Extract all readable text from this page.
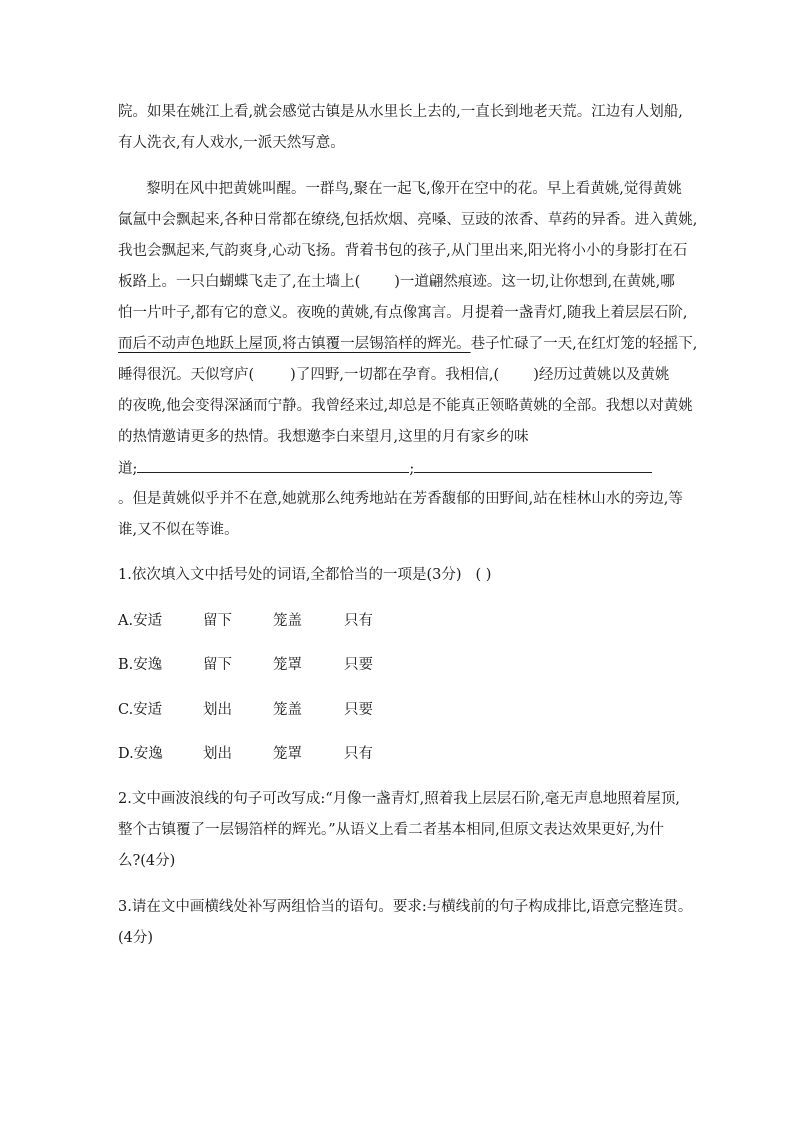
院。如果在姚江上看,就会感觉古镇是从水里长上去的,一直长到地老天荒。江边有人划船,
有人洗衣,有人戏水,一派天然写意。
黎明在风中把黄姚叫醒。一群鸟,聚在一起飞,像开在空中的花。早上看黄姚,觉得黄姚
氤氲中会飘起来,各种日常都在缭绕,包括炊烟、亮嗓、豆豉的浓香、草药的异香。进入黄姚,
我也会飘起来,气韵爽身,心动飞扬。背着书包的孩子,从门里出来,阳光将小小的身影打在石
板路上。一只白蝴蝶飞走了,在土墙上( )一道翩然痕迹。这一切,让你想到,在黄姚,哪
怕一片叶子,都有它的意义。夜晚的黄姚,有点像寓言。月提着一盏青灯,随我上着层层石阶,
而后不动声色地跃上屋顶,将古镇覆一层锡箔样的辉光。巷子忙碌了一天,在红灯笼的轻摇下,
睡得很沉。天似穹庐( )了四野,一切都在孕育。我相信,( )经历过黄姚以及黄姚
的夜晚,他会变得深涵而宁静。我曾经来过,却总是不能真正领略黄姚的全部。我想以对黄姚
的热情邀请更多的热情。我想邀李白来望月,这里的月有家乡的味
道;	;
。但是黄姚似乎并不在意,她就那么纯秀地站在芳香馥郁的田野间,站在桂林山水的旁边,等
谁,又不似在等谁。
1.依次填入文中括号处的词语,全都恰当的一项是(3分) ( )
A.安适	留下	笼盖	只有
B.安逸	留下	笼罩	只要
C.安适	划出	笼盖	只要
D.安逸	划出	笼罩	只有
2.文中画波浪线的句子可改写成:“月像一盏青灯,照着我上层层石阶,毫无声息地照着屋顶,
整个古镇覆了一层锡箔样的辉光。”从语义上看二者基本相同,但原文表达效果更好,为什
么?(4分)
3.请在文中画横线处补写两组恰当的语句。要求:与横线前的句子构成排比,语意完整连贯。
(4分)
